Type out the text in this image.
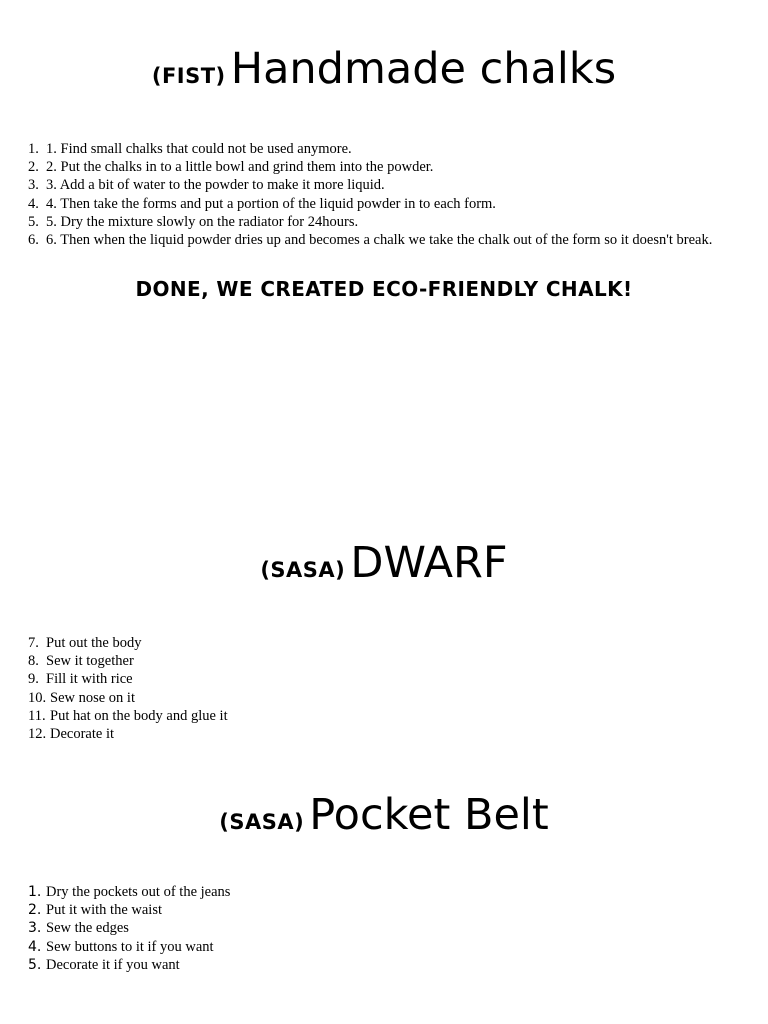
(FIST) Handmade chalks
1. 1. Find small chalks that could not be used anymore.
2. 2. Put the chalks in to a little bowl and grind them into the powder.
3. 3. Add a bit of water to the powder to make it more liquid.
4. 4. Then take the forms and put a portion of the liquid powder in to each form.
5. 5. Dry the mixture slowly on the radiator for 24hours.
6. 6. Then when the liquid powder dries up and becomes a chalk we take the chalk out of the form so it doesn't break.
DONE, WE CREATED ECO-FRIENDLY CHALK!
(SASA) DWARF
7. Put out the body
8. Sew it together
9. Fill it with rice
10. Sew nose on it
11. Put hat on the body and glue it
12. Decorate it
(SASA) Pocket Belt
1. Dry the pockets out of the jeans
2. Put it with the waist
3. Sew the edges
4. Sew buttons to it if you want
5. Decorate it if you want
